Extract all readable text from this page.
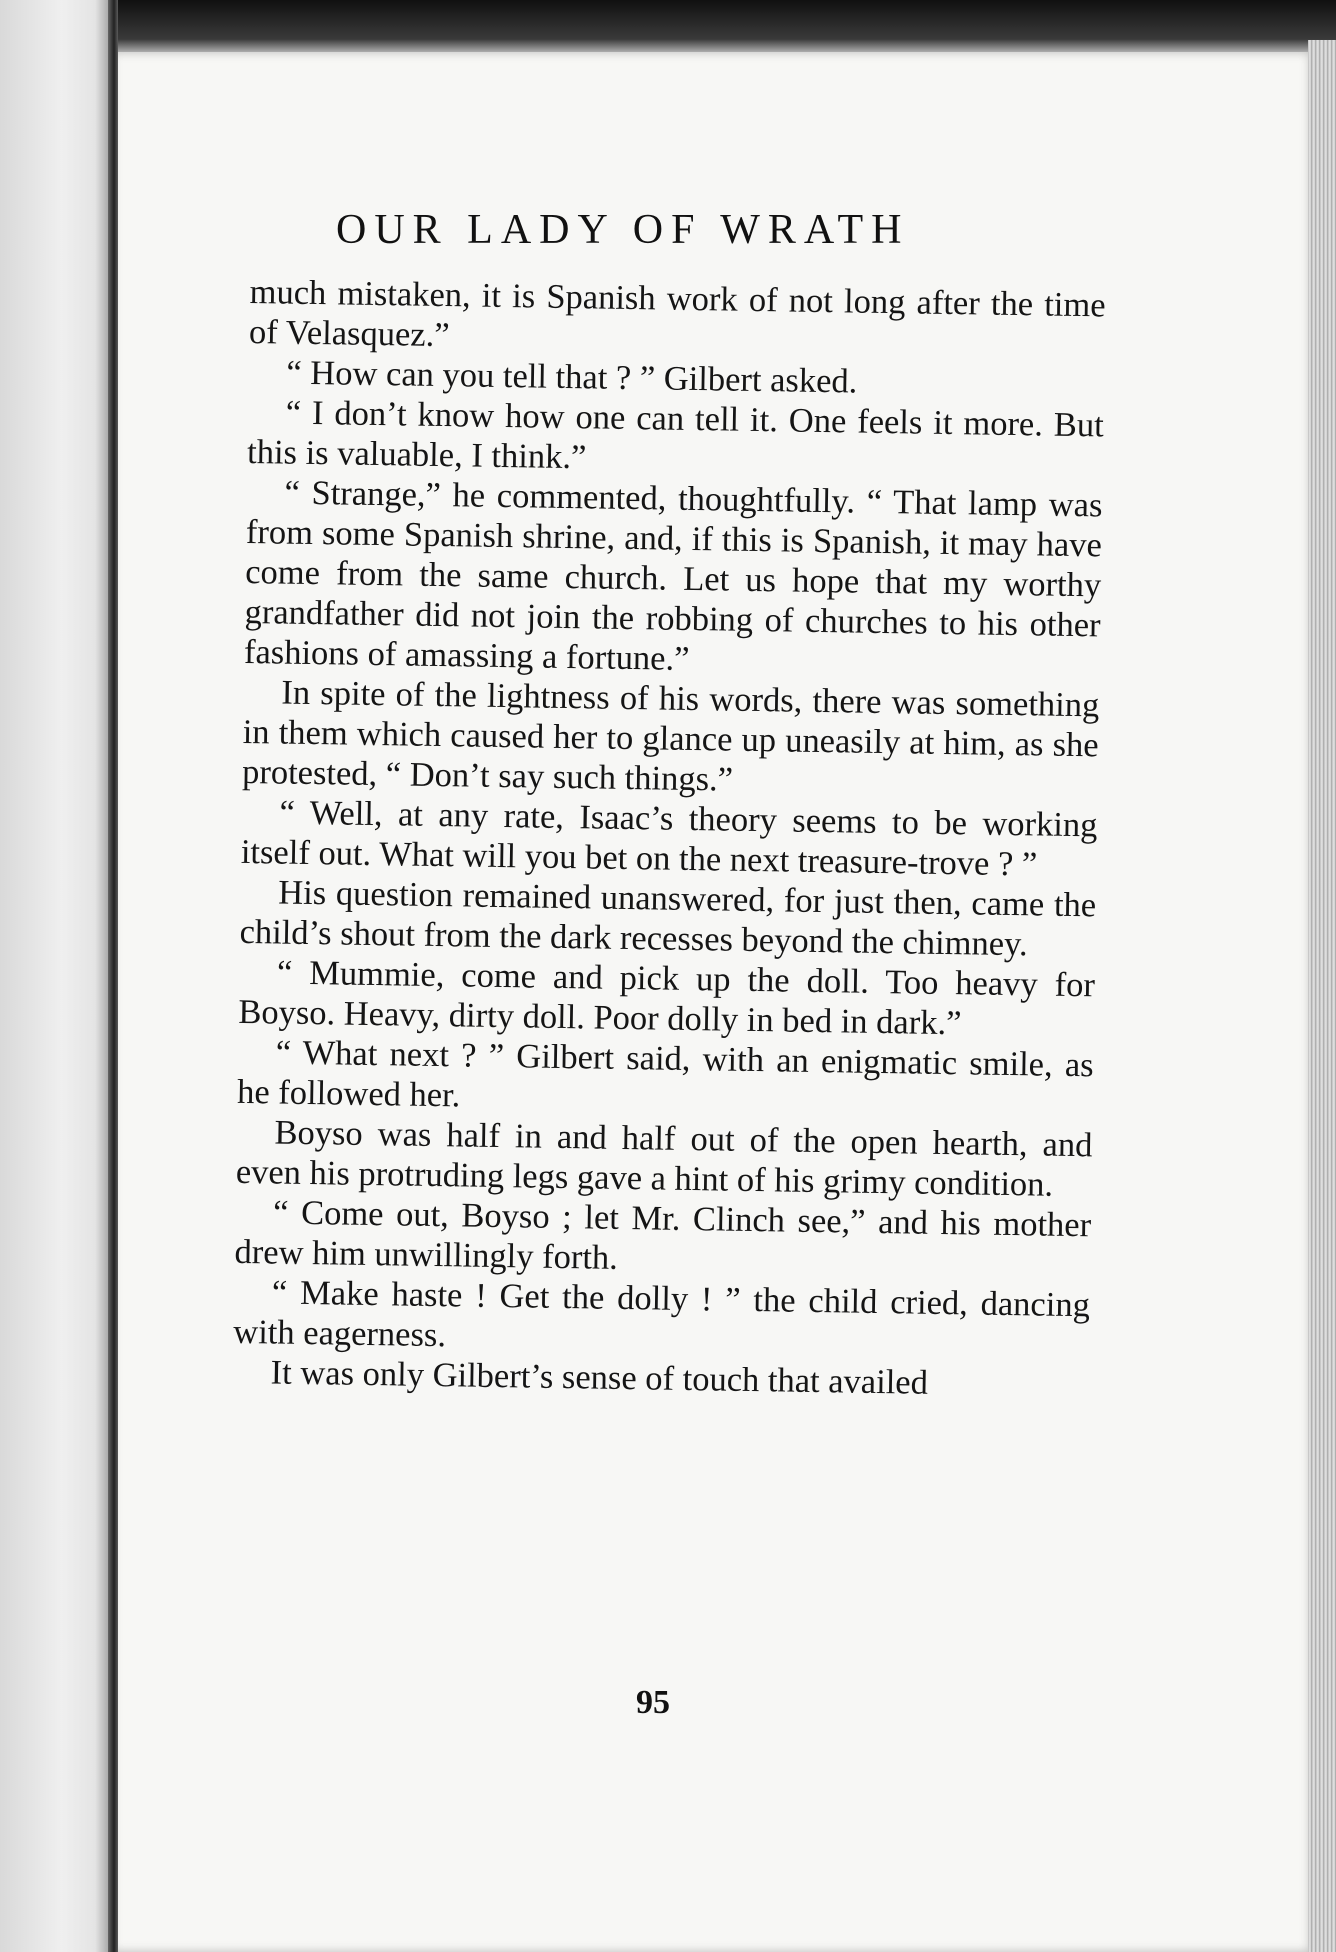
OUR LADY OF WRATH

much mistaken, it is Spanish work of not long after the time of Velasquez.”

“ How can you tell that ? ” Gilbert asked.

“ I don’t know how one can tell it. One feels it more. But this is valuable, I think.”

“ Strange,” he commented, thoughtfully. “ That lamp was from some Spanish shrine, and, if this is Spanish, it may have come from the same church. Let us hope that my worthy grandfather did not join the robbing of churches to his other fashions of amassing a fortune.”

In spite of the lightness of his words, there was something in them which caused her to glance up uneasily at him, as she protested, “ Don’t say such things.”

“ Well, at any rate, Isaac’s theory seems to be working itself out. What will you bet on the next treasure-trove ? ”

His question remained unanswered, for just then, came the child’s shout from the dark recesses beyond the chimney.

“ Mummie, come and pick up the doll. Too heavy for Boyso. Heavy, dirty doll. Poor dolly in bed in dark.”

“ What next ? ” Gilbert said, with an enigmatic smile, as he followed her.

Boyso was half in and half out of the open hearth, and even his protruding legs gave a hint of his grimy condition.

“ Come out, Boyso ; let Mr. Clinch see,” and his mother drew him unwillingly forth.

“ Make haste ! Get the dolly ! ” the child cried, dancing with eagerness.

It was only Gilbert’s sense of touch that availed

95
